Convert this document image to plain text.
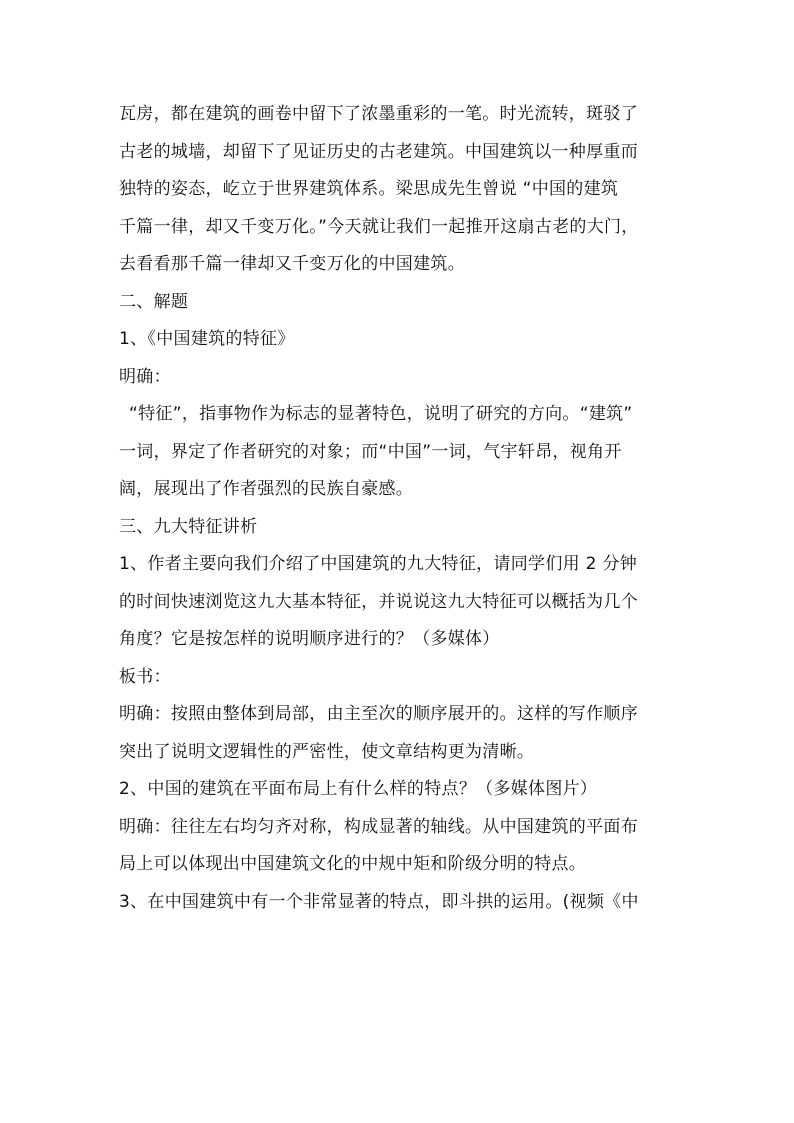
瓦房，都在建筑的画卷中留下了浓墨重彩的一笔。时光流转，斑驳了
古老的城墙，却留下了见证历史的古老建筑。中国建筑以一种厚重而
独特的姿态，屹立于世界建筑体系。梁思成先生曾说 “中国的建筑
千篇一律，却又千变万化。”今天就让我们一起推开这扇古老的大门，
去看看那千篇一律却又千变万化的中国建筑。
二、解题
1、《中国建筑的特征》
明确：
“特征”，指事物作为标志的显著特色，说明了研究的方向。“建筑”
一词，界定了作者研究的对象；而“中国”一词，气宇轩昂，视角开
阔，展现出了作者强烈的民族自豪感。
三、九大特征讲析
1、作者主要向我们介绍了中国建筑的九大特征，请同学们用 2 分钟
的时间快速浏览这九大基本特征，并说说这九大特征可以概括为几个
角度？它是按怎样的说明顺序进行的？（多媒体）
板书：
明确：按照由整体到局部，由主至次的顺序展开的。这样的写作顺序
突出了说明文逻辑性的严密性，使文章结构更为清晰。
2、中国的建筑在平面布局上有什么样的特点？（多媒体图片）
明确：往往左右均匀齐对称，构成显著的轴线。从中国建筑的平面布
局上可以体现出中国建筑文化的中规中矩和阶级分明的特点。
3、在中国建筑中有一个非常显著的特点，即斗拱的运用。(视频《中
